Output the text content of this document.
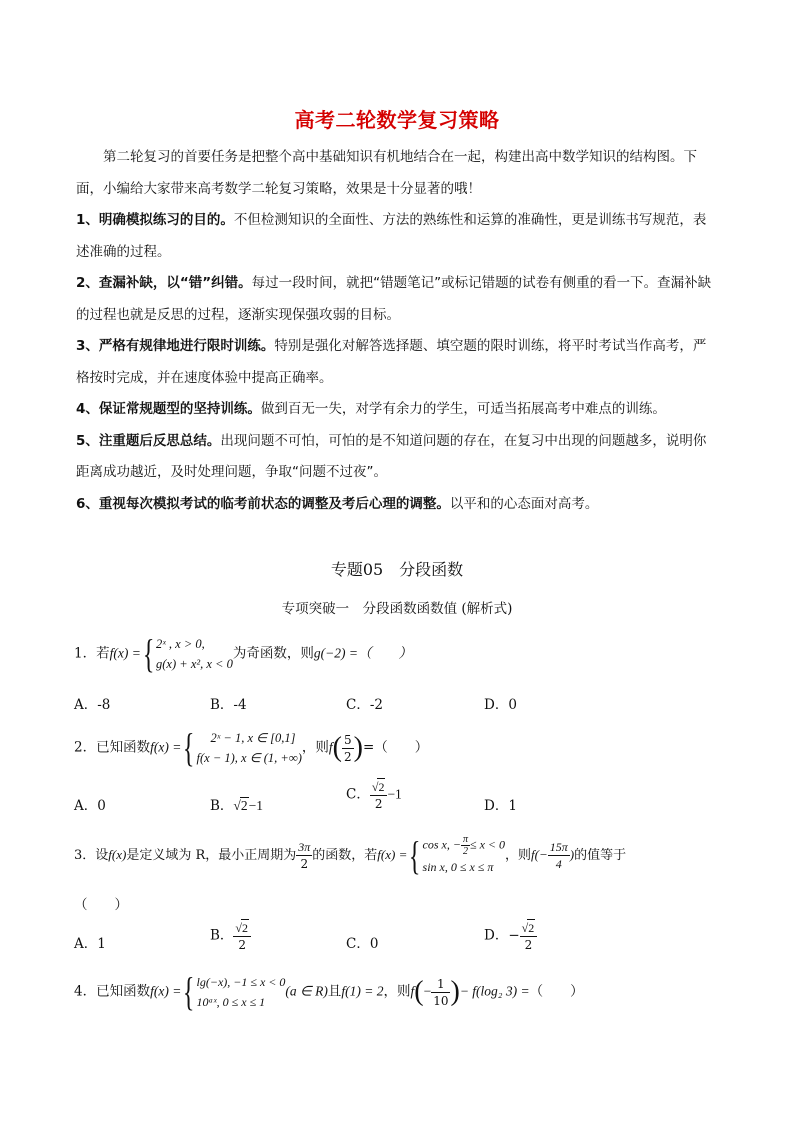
高考二轮数学复习策略
第二轮复习的首要任务是把整个高中基础知识有机地结合在一起，构建出高中数学知识的结构图。下
面，小编给大家带来高考数学二轮复习策略，效果是十分显著的哦！
1、明确模拟练习的目的。不但检测知识的全面性、方法的熟练性和运算的准确性，更是训练书写规范，表
述准确的过程。
2、查漏补缺，以“错”纠错。每过一段时间，就把“错题笔记”或标记错题的试卷有侧重的看一下。查漏补缺
的过程也就是反思的过程，逐渐实现保强攻弱的目标。
3、严格有规律地进行限时训练。特别是强化对解答选择题、填空题的限时训练，将平时考试当作高考，严
格按时完成，并在速度体验中提高正确率。
4、保证常规题型的坚持训练。做到百无一失，对学有余力的学生，可适当拓展高考中难点的训练。
5、注重题后反思总结。出现问题不可怕，可怕的是不知道问题的存在，在复习中出现的问题越多，说明你
距离成功越近，及时处理问题，争取“问题不过夜”。
6、重视每次模拟考试的临考前状态的调整及考后心理的调整。以平和的心态面对高考。
专题05　分段函数
专项突破一　分段函数函数值 (解析式)
1．若f(x) ={ 2ˣ , x > 0,
g(x) + x², x < 0
为奇函数，则g(−2) =（　　）
A．-8	B．-4	C．-2	D．0
2．已知函数f(x) ={	2ˣ − 1, x ∈ [0,1]
f(x − 1), x ∈ (1, +∞)
，则$f( \frac{5}{2}$ )=（　　）
A．0	B．√2−1
C． $\frac{√2}{2} -1$
D．1
3．设f(x)是定义域为 R，最小正周期为 $\frac{3\pi}{2}$ 的函数，若f(x) ={ cos x, − $\frac{\pi}{2} \le x < 0$
sin x, 0 ≤ x ≤ π
，则$f(- \frac{15\pi}{4}$ )的值等于
（　　）
A．1
B． $\frac{√2}{2}$	C．0
D．− $\frac{√2}{2}$
4．已知函数f(x) ={ lg(−x), −1 ≤ x < 0
10ᵃˣ, 0 ≤ x ≤ 1
(a ∈ R)且f(1) = 2，则$f(- \frac{1}{10}$ )− f(log₂ 3) =（　　）
